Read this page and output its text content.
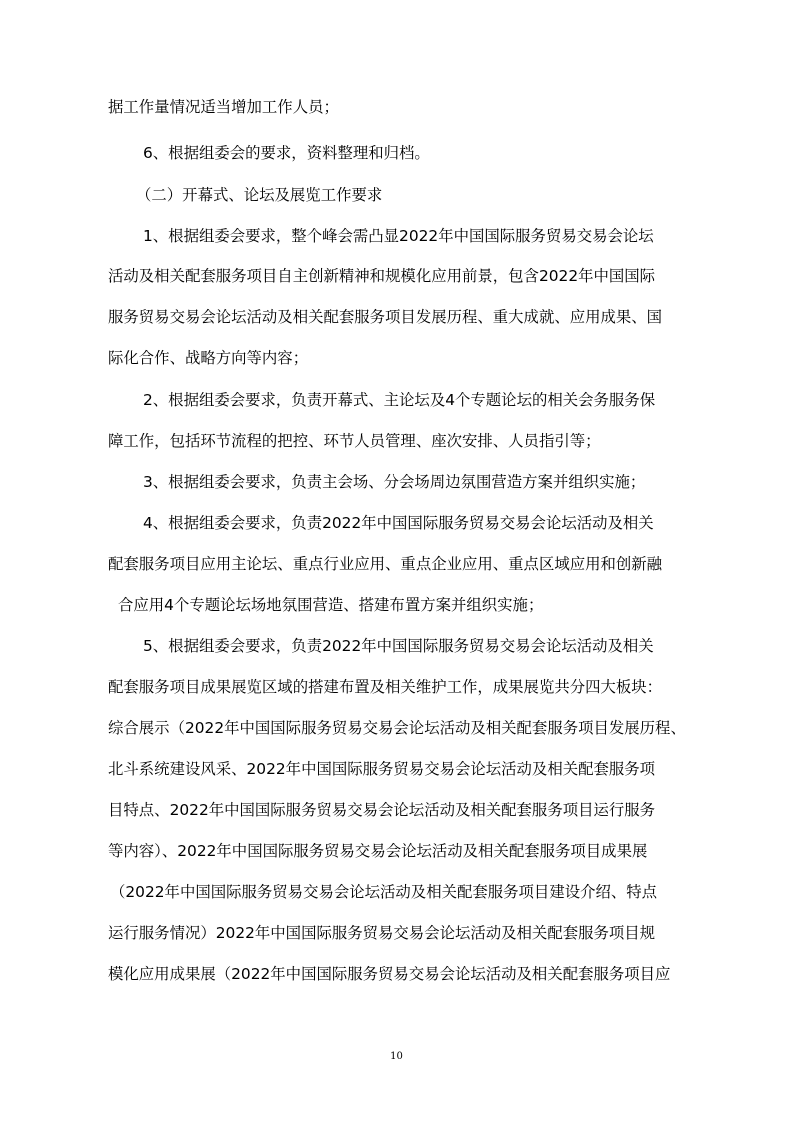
据工作量情况适当增加工作人员；
6、根据组委会的要求，资料整理和归档。
（二）开幕式、论坛及展览工作要求
1、根据组委会要求，整个峰会需凸显2022年中国国际服务贸易交易会论坛
活动及相关配套服务项目自主创新精神和规模化应用前景，包含2022年中国国际
服务贸易交易会论坛活动及相关配套服务项目发展历程、重大成就、应用成果、国
际化合作、战略方向等内容；
2、根据组委会要求，负责开幕式、主论坛及4个专题论坛的相关会务服务保
障工作，包括环节流程的把控、环节人员管理、座次安排、人员指引等；
3、根据组委会要求，负责主会场、分会场周边氛围营造方案并组织实施；
4、根据组委会要求，负责2022年中国国际服务贸易交易会论坛活动及相关
配套服务项目应用主论坛、重点行业应用、重点企业应用、重点区域应用和创新融
合应用4个专题论坛场地氛围营造、搭建布置方案并组织实施；
5、根据组委会要求，负责2022年中国国际服务贸易交易会论坛活动及相关
配套服务项目成果展览区域的搭建布置及相关维护工作，成果展览共分四大板块：
综合展示（2022年中国国际服务贸易交易会论坛活动及相关配套服务项目发展历程、
北斗系统建设风采、2022年中国国际服务贸易交易会论坛活动及相关配套服务项
目特点、2022年中国国际服务贸易交易会论坛活动及相关配套服务项目运行服务
等内容）、2022年中国国际服务贸易交易会论坛活动及相关配套服务项目成果展
（2022年中国国际服务贸易交易会论坛活动及相关配套服务项目建设介绍、特点
运行服务情况）2022年中国国际服务贸易交易会论坛活动及相关配套服务项目规
模化应用成果展（2022年中国国际服务贸易交易会论坛活动及相关配套服务项目应
10
